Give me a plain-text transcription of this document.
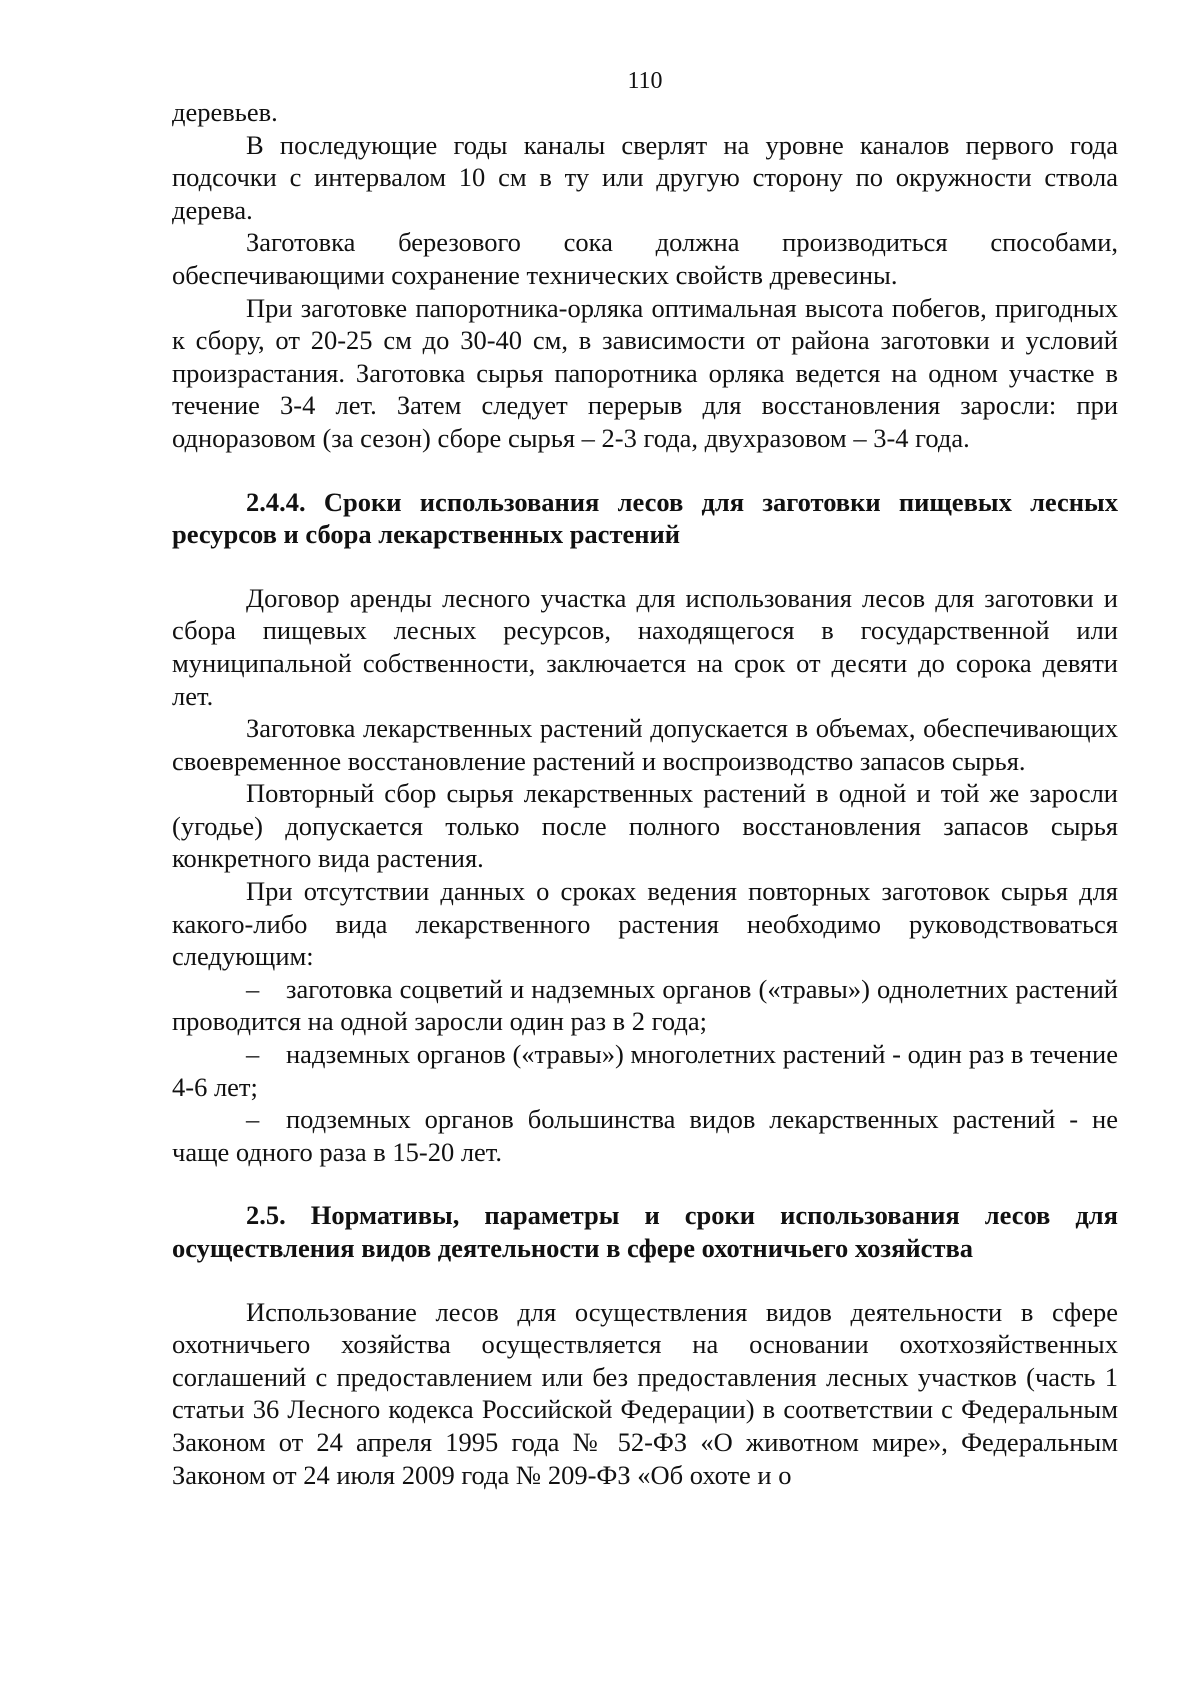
110

деревьев.

В последующие годы каналы сверлят на уровне каналов первого года подсочки с интервалом 10 см в ту или другую сторону по окружности ствола дерева.

Заготовка березового сока должна производиться способами, обеспечивающими сохранение технических свойств древесины.

При заготовке папоротника-орляка оптимальная высота побегов, пригодных к сбору, от 20-25 см до 30-40 см, в зависимости от района заготовки и условий произрастания. Заготовка сырья папоротника орляка ведется на одном участке в течение 3-4 лет. Затем следует перерыв для восстановления заросли: при одноразовом (за сезон) сборе сырья – 2-3 года, двухразовом – 3-4 года.

2.4.4. Сроки использования лесов для заготовки пищевых лесных ресурсов и сбора лекарственных растений

Договор аренды лесного участка для использования лесов для заготовки и сбора пищевых лесных ресурсов, находящегося в государственной или муниципальной собственности, заключается на срок от десяти до сорока девяти лет.

Заготовка лекарственных растений допускается в объемах, обеспечивающих своевременное восстановление растений и воспроизводство запасов сырья.

Повторный сбор сырья лекарственных растений в одной и той же заросли (угодье) допускается только после полного восстановления запасов сырья конкретного вида растения.

При отсутствии данных о сроках ведения повторных заготовок сырья для какого-либо вида лекарственного растения необходимо руководствоваться следующим:

– заготовка соцветий и надземных органов («травы») однолетних растений проводится на одной заросли один раз в 2 года;

– надземных органов («травы») многолетних растений - один раз в течение 4-6 лет;

– подземных органов большинства видов лекарственных растений - не чаще одного раза в 15-20 лет.

2.5. Нормативы, параметры и сроки использования лесов для осуществления видов деятельности в сфере охотничьего хозяйства

Использование лесов для осуществления видов деятельности в сфере охотничьего хозяйства осуществляется на основании охотхозяйственных соглашений с предоставлением или без предоставления лесных участков (часть 1 статьи 36 Лесного кодекса Российской Федерации) в соответствии с Федеральным Законом от 24 апреля 1995 года № 52-ФЗ «О животном мире», Федеральным Законом от 24 июля 2009 года № 209-ФЗ «Об охоте и о
